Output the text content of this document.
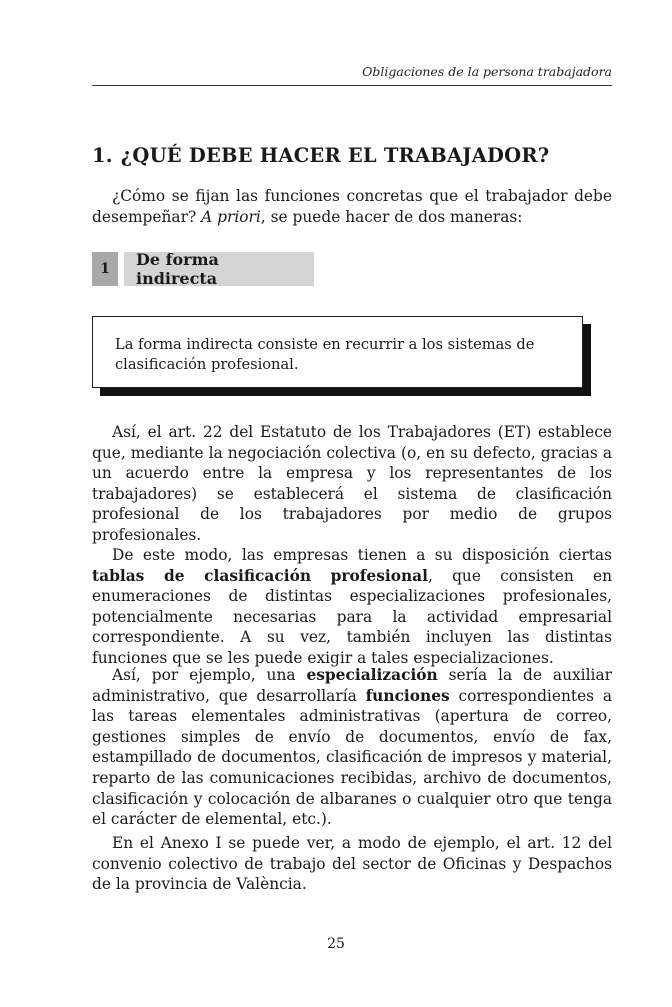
Obligaciones de la persona trabajadora
1. ¿QUÉ DEBE HACER EL TRABAJADOR?
¿Cómo se fijan las funciones concretas que el trabajador debe desempeñar? A priori, se puede hacer de dos maneras:
1	De forma indirecta
La forma indirecta consiste en recurrir a los sistemas de clasificación profesional.
Así, el art. 22 del Estatuto de los Trabajadores (ET) establece que, mediante la negociación colectiva (o, en su defecto, gracias a un acuerdo entre la empresa y los representantes de los trabajadores) se establecerá el sistema de clasificación profesional de los trabajadores por medio de grupos profesionales.
De este modo, las empresas tienen a su disposición ciertas tablas de clasificación profesional, que consisten en enumeraciones de distintas especializaciones profesionales, potencialmente necesarias para la actividad empresarial correspondiente. A su vez, también incluyen las distintas funciones que se les puede exigir a tales especializaciones.
Así, por ejemplo, una especialización sería la de auxiliar administrativo, que desarrollaría funciones correspondientes a las tareas elementales administrativas (apertura de correo, gestiones simples de envío de documentos, envío de fax, estampillado de documentos, clasificación de impresos y material, reparto de las comunicaciones recibidas, archivo de documentos, clasificación y colocación de albaranes o cualquier otro que tenga el carácter de elemental, etc.).
En el Anexo I se puede ver, a modo de ejemplo, el art. 12 del convenio colectivo de trabajo del sector de Oficinas y Despachos de la provincia de València.
25
